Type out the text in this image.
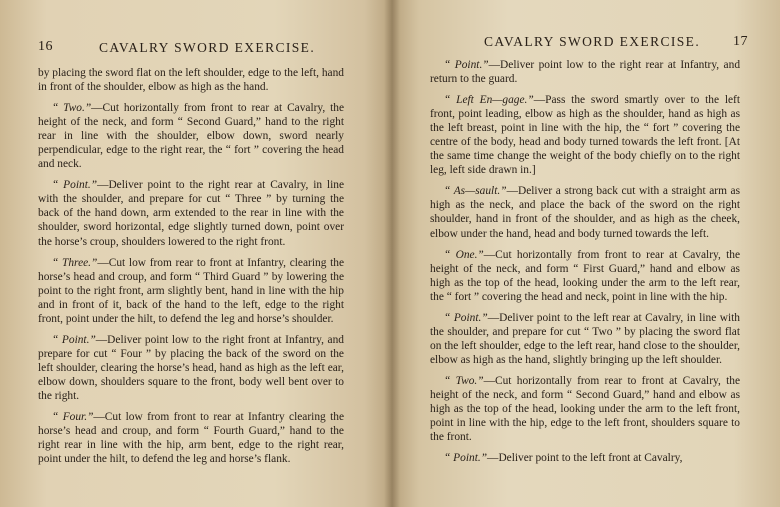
16	CAVALRY SWORD EXERCISE.

by placing the sword flat on the left shoulder, edge to the left, hand in front of the shoulder, elbow as high as the hand.

“ Two.”—Cut horizontally from front to rear at Cavalry, the height of the neck, and form “ Second Guard,” hand to the right rear in line with the shoulder, elbow down, sword nearly perpendicular, edge to the right rear, the “ fort ” covering the head and neck.

“ Point.”—Deliver point to the right rear at Cavalry, in line with the shoulder, and prepare for cut “ Three ” by turning the back of the hand down, arm extended to the rear in line with the shoulder, sword horizontal, edge slightly turned down, point over the horse’s croup, shoulders lowered to the right front.

“ Three.”—Cut low from rear to front at Infantry, clearing the horse’s head and croup, and form “ Third Guard ” by lowering the point to the right front, arm slightly bent, hand in line with the hip and in front of it, back of the hand to the left, edge to the right front, point under the hilt, to defend the leg and horse’s shoulder.

“ Point.”—Deliver point low to the right front at Infantry, and prepare for cut “ Four ” by placing the back of the sword on the left shoulder, clearing the horse’s head, hand as high as the left ear, elbow down, shoulders square to the front, body well bent over to the right.

“ Four.”—Cut low from front to rear at Infantry clearing the horse’s head and croup, and form “ Fourth Guard,” hand to the right rear in line with the hip, arm bent, edge to the right rear, point under the hilt, to defend the leg and horse’s flank.

CAVALRY SWORD EXERCISE. 17

“ Point.”—Deliver point low to the right rear at Infantry, and return to the guard.

“ Left En—gage.”—Pass the sword smartly over to the left front, point leading, elbow as high as the shoulder, hand as high as the left breast, point in line with the hip, the “ fort ” covering the centre of the body, head and body turned towards the left front. [At the same time change the weight of the body chiefly on to the right leg, left side drawn in.]

“ As—sault.”—Deliver a strong back cut with a straight arm as high as the neck, and place the back of the sword on the right shoulder, hand in front of the shoulder, and as high as the cheek, elbow under the hand, head and body turned towards the left.

“ One.”—Cut horizontally from front to rear at Cavalry, the height of the neck, and form “ First Guard,” hand and elbow as high as the top of the head, looking under the arm to the left rear, the “ fort ” covering the head and neck, point in line with the hip.

“ Point.”—Deliver point to the left rear at Cavalry, in line with the shoulder, and prepare for cut “ Two ” by placing the sword flat on the left shoulder, edge to the left rear, hand close to the shoulder, elbow as high as the hand, slightly bringing up the left shoulder.

“ Two.”—Cut horizontally from rear to front at Cavalry, the height of the neck, and form “ Second Guard,” hand and elbow as high as the top of the head, looking under the arm to the left front, point in line with the hip, edge to the left front, shoulders square to the front.

“ Point.”—Deliver point to the left front at Cavalry,
